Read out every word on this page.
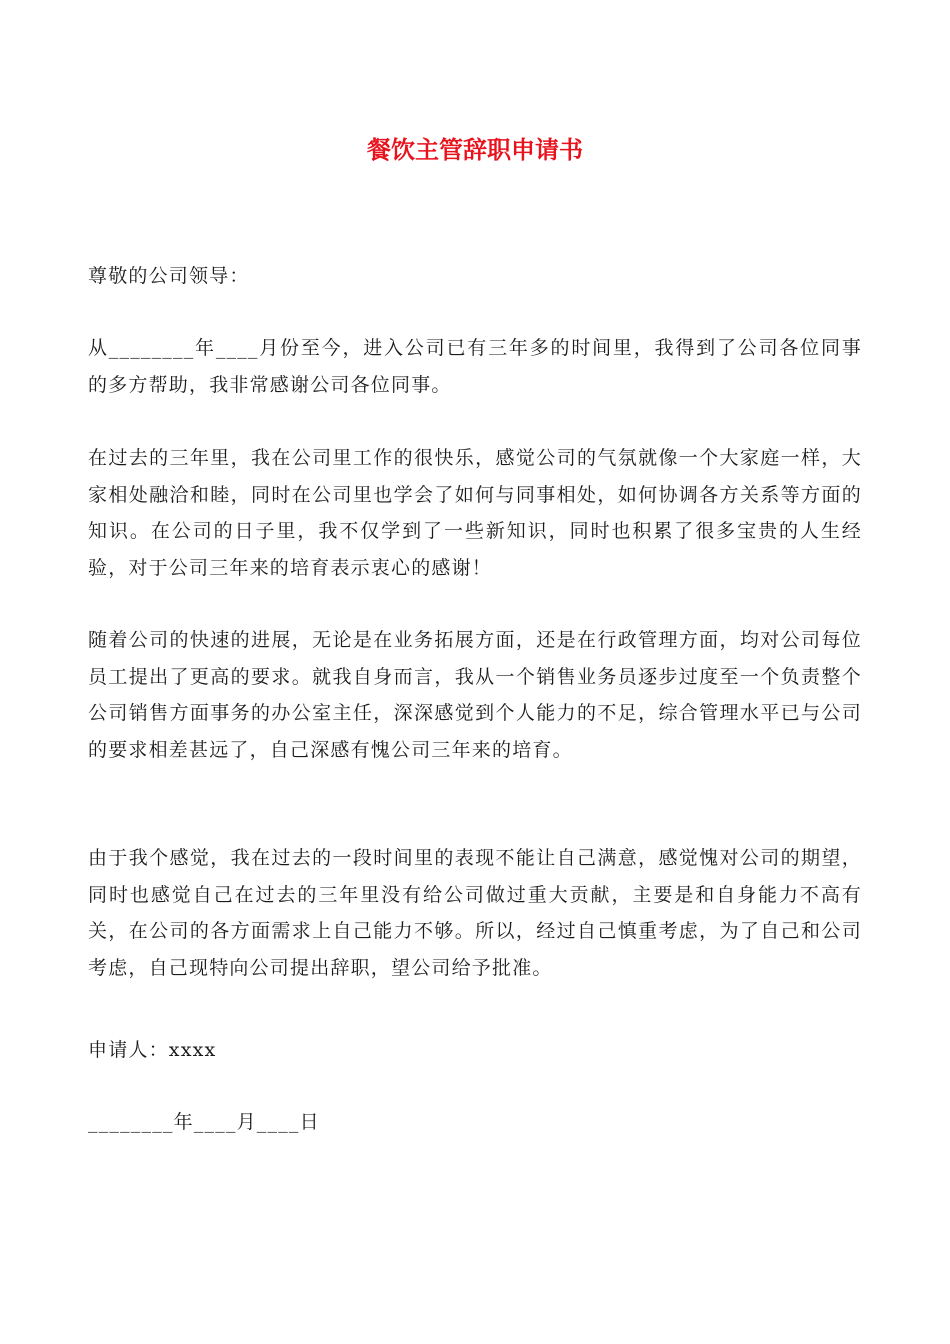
餐饮主管辞职申请书

尊敬的公司领导：

从________年____月份至今，进入公司已有三年多的时间里，我得到了公司各位同事的多方帮助，我非常感谢公司各位同事。

在过去的三年里，我在公司里工作的很快乐，感觉公司的气氛就像一个大家庭一样，大家相处融洽和睦，同时在公司里也学会了如何与同事相处，如何协调各方关系等方面的知识。在公司的日子里，我不仅学到了一些新知识，同时也积累了很多宝贵的人生经验，对于公司三年来的培育表示衷心的感谢！

随着公司的快速的进展，无论是在业务拓展方面，还是在行政管理方面，均对公司每位员工提出了更高的要求。就我自身而言，我从一个销售业务员逐步过度至一个负责整个公司销售方面事务的办公室主任，深深感觉到个人能力的不足，综合管理水平已与公司的要求相差甚远了，自己深感有愧公司三年来的培育。

由于我个感觉，我在过去的一段时间里的表现不能让自己满意，感觉愧对公司的期望，同时也感觉自己在过去的三年里没有给公司做过重大贡献，主要是和自身能力不高有关，在公司的各方面需求上自己能力不够。所以，经过自己慎重考虑，为了自己和公司考虑，自己现特向公司提出辞职，望公司给予批准。

申请人：xxxx

________年____月____日
